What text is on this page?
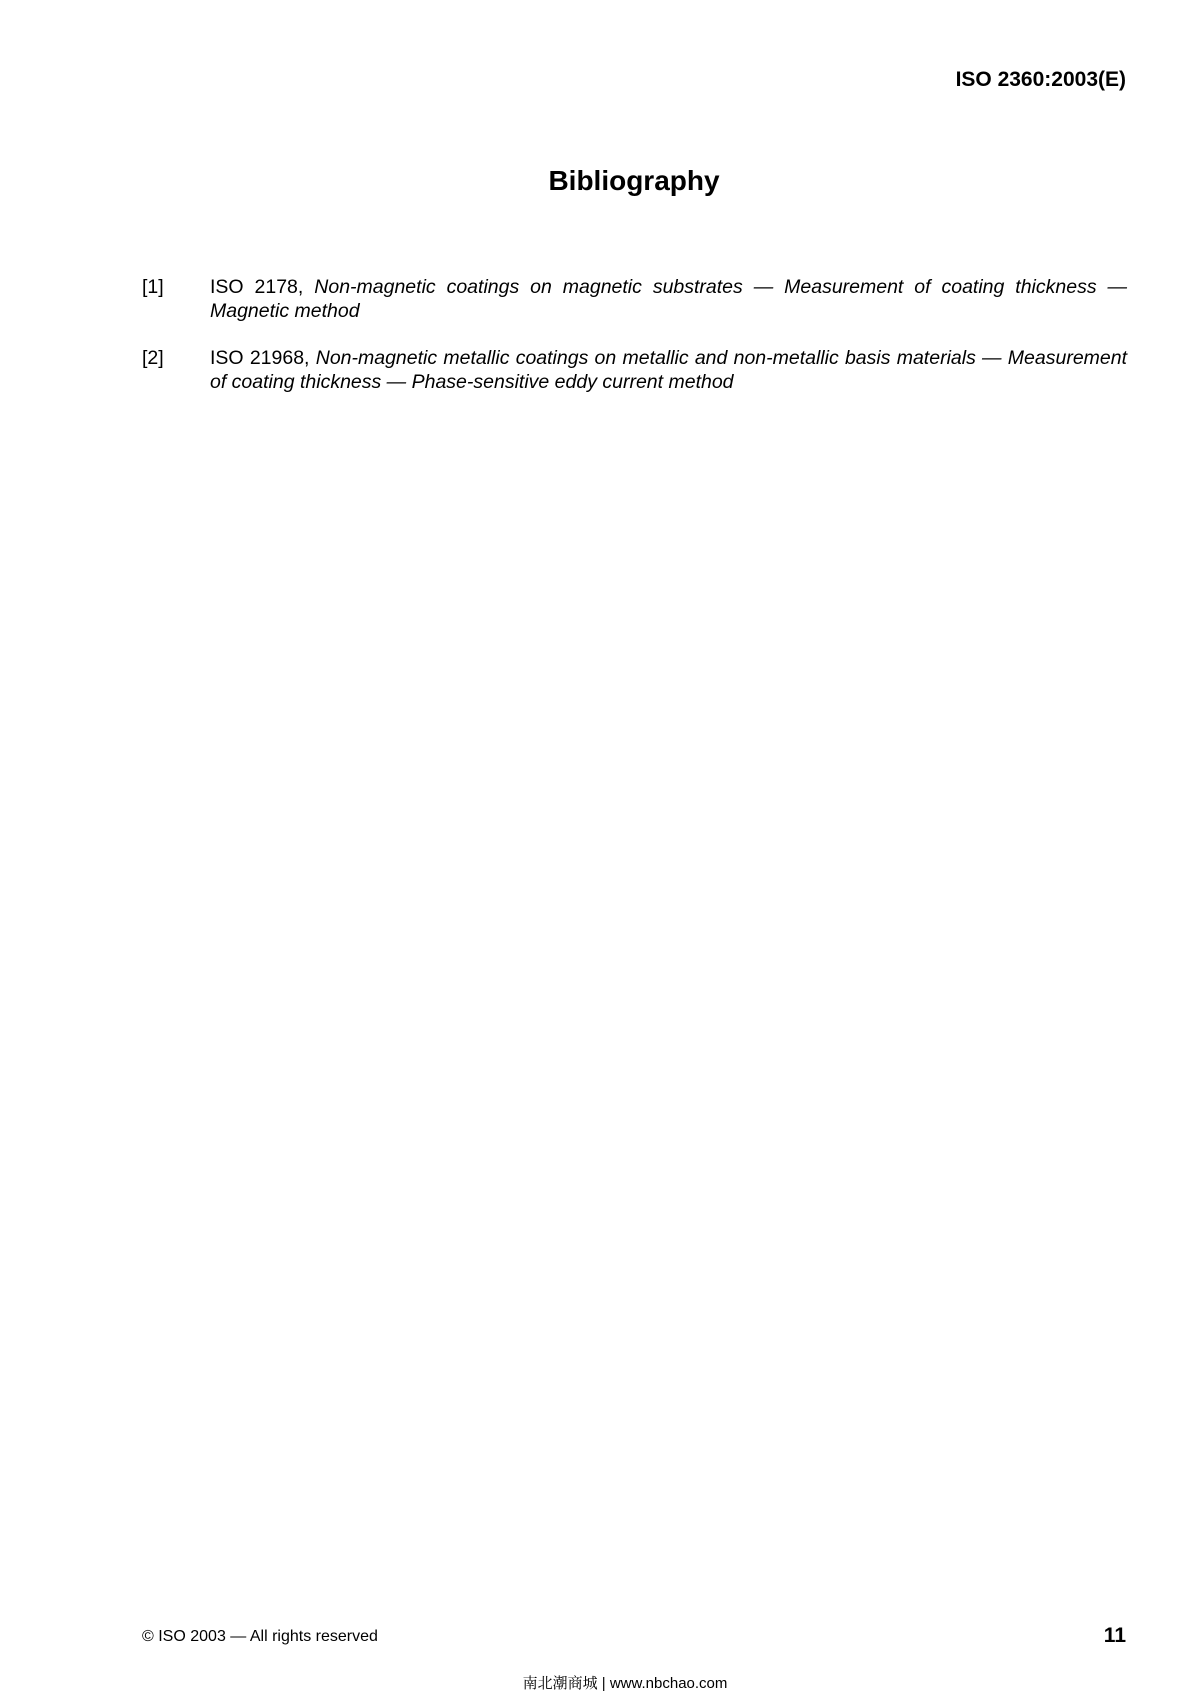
ISO 2360:2003(E)
Bibliography
[1]	ISO 2178, Non-magnetic coatings on magnetic substrates — Measurement of coating thickness — Magnetic method
[2]	ISO 21968, Non-magnetic metallic coatings on metallic and non-metallic basis materials — Measurement of coating thickness — Phase-sensitive eddy current method
© ISO 2003 — All rights reserved	11
南北潮商城 | www.nbchao.com
